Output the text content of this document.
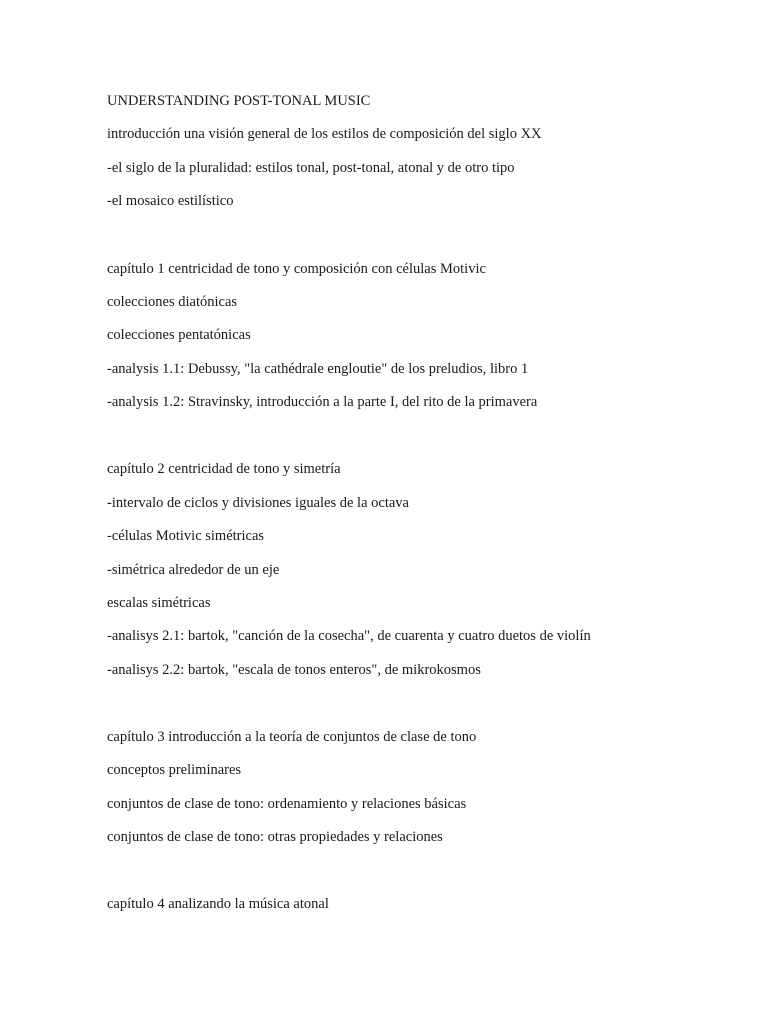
UNDERSTANDING POST-TONAL MUSIC

introducción una visión general de los estilos de composición del siglo XX

-el siglo de la pluralidad: estilos tonal, post-tonal, atonal y de otro tipo

-el mosaico estilístico

capítulo 1 centricidad de tono y composición con células Motivic

colecciones diatónicas

colecciones pentatónicas

-analysis 1.1: Debussy, "la cathédrale engloutie" de los preludios, libro 1

-analysis 1.2: Stravinsky, introducción a la parte I, del rito de la primavera

capítulo 2 centricidad de tono y simetría

-intervalo de ciclos y divisiones iguales de la octava

-células Motivic simétricas

-simétrica alrededor de un eje

escalas simétricas

-analisys 2.1: bartok, "canción de la cosecha", de cuarenta y cuatro duetos de violín

-analisys 2.2: bartok, "escala de tonos enteros", de mikrokosmos

capítulo 3 introducción a la teoría de conjuntos de clase de tono

conceptos preliminares

conjuntos de clase de tono: ordenamiento y relaciones básicas

conjuntos de clase de tono: otras propiedades y relaciones

capítulo 4 analizando la música atonal
